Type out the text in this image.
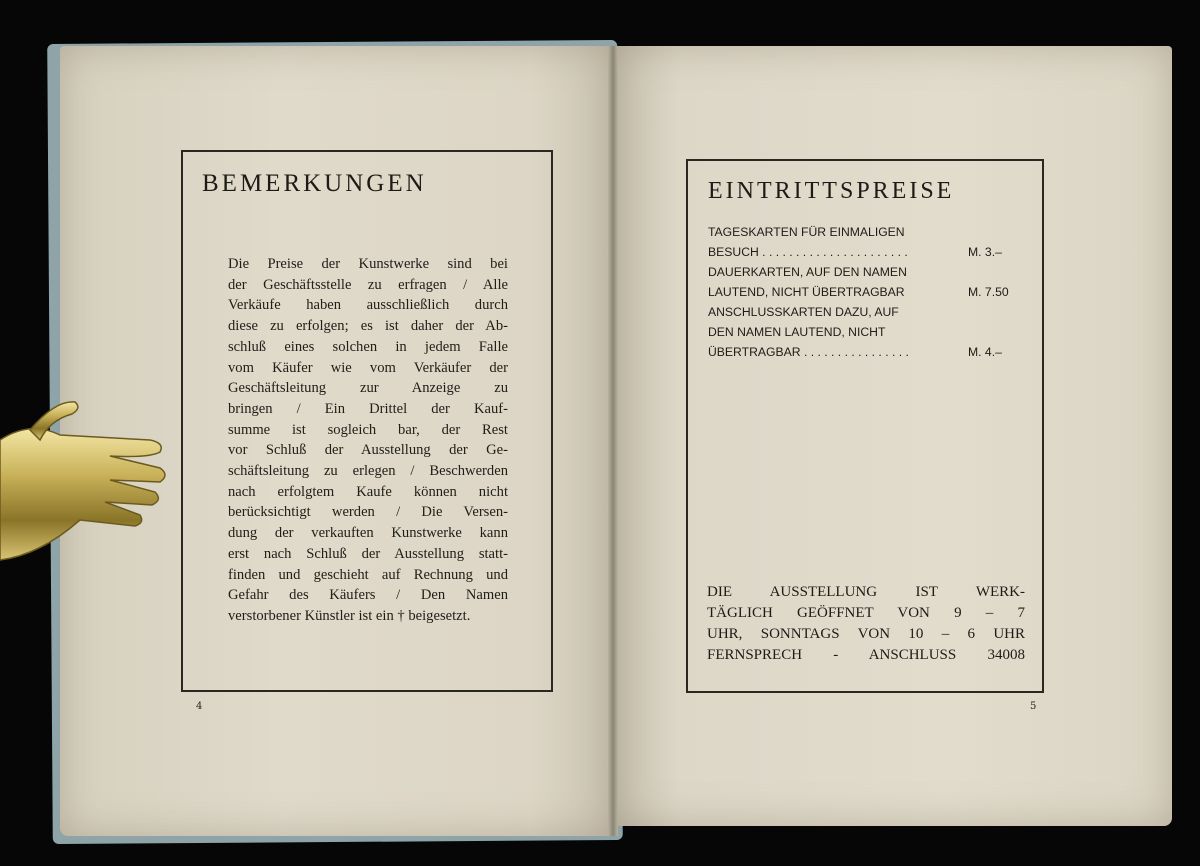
BEMERKUNGEN
Die Preise der Kunstwerke sind bei
der Geschäftsstelle zu erfragen / Alle
Verkäufe haben ausschließlich durch
diese zu erfolgen; es ist daher der Ab-
schluß eines solchen in jedem Falle
vom Käufer wie vom Verkäufer der
Geschäftsleitung zur Anzeige zu
bringen / Ein Drittel der Kauf-
summe ist sogleich bar, der Rest
vor Schluß der Ausstellung der Ge-
schäftsleitung zu erlegen / Beschwerden
nach erfolgtem Kaufe können nicht
berücksichtigt werden / Die Versen-
dung der verkauften Kunstwerke kann
erst nach Schluß der Ausstellung statt-
finden und geschieht auf Rechnung und
Gefahr des Käufers / Den Namen
verstorbener Künstler ist ein † beigesetzt.
4
EINTRITTSPREISE
TAGESKARTEN FÜR EINMALIGEN
BESUCH . . . . . . . . . . . . . . . . . . . . . .	M. 3.–
DAUERKARTEN, AUF DEN NAMEN
LAUTEND, NICHT ÜBERTRAGBAR	M. 7.50
ANSCHLUSSKARTEN DAZU, AUF
DEN NAMEN LAUTEND, NICHT
ÜBERTRAGBAR . . . . . . . . . . . . . . . .	M. 4.–
DIE AUSSTELLUNG IST WERK-
TÄGLICH GEÖFFNET VON 9 – 7
UHR, SONNTAGS VON 10 – 6 UHR
FERNSPRECH - ANSCHLUSS 34008
5
